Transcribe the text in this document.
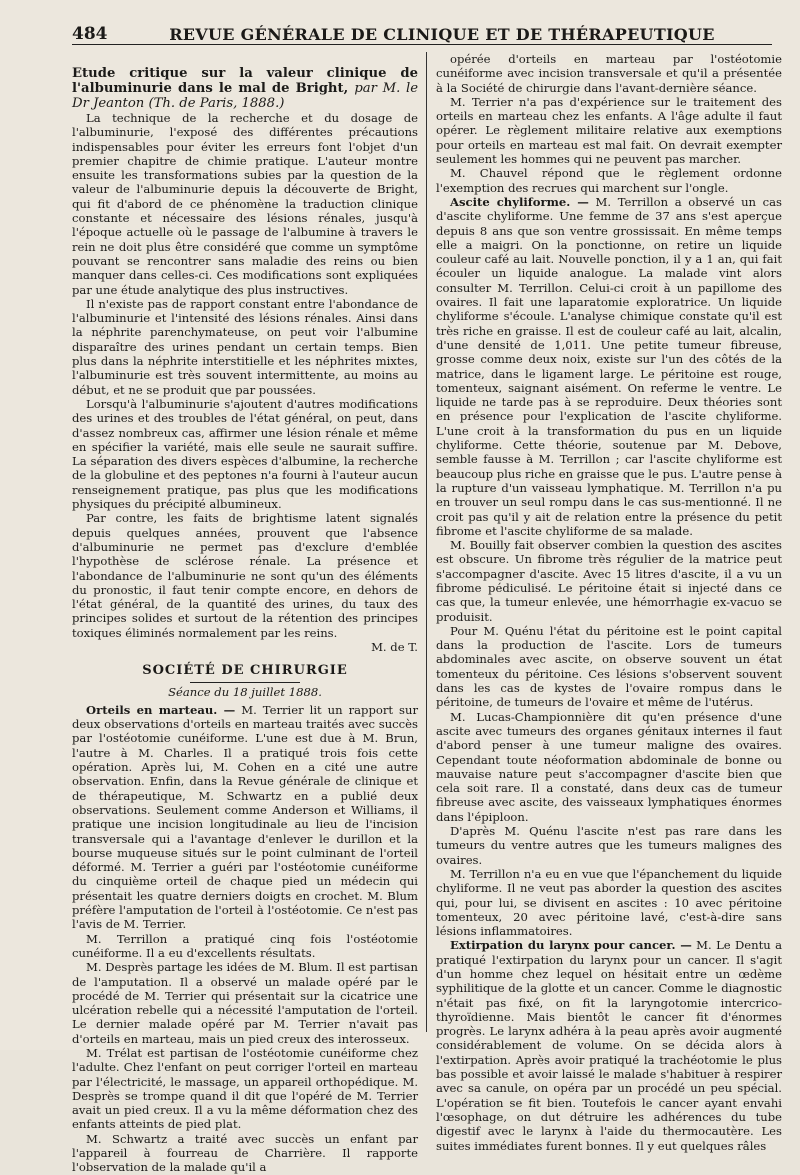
484	REVUE GÉNÉRALE DE CLINIQUE ET DE THÉRAPEUTIQUE

Etude critique sur la valeur clinique de l'albuminurie dans le mal de Bright, par M. le Dr Jeanton (Th. de Paris, 1888.)

La technique de la recherche et du dosage de l'albuminurie, l'exposé des différentes précautions indispensables pour éviter les erreurs font l'objet d'un premier chapitre de chimie pratique. L'auteur montre ensuite les transformations subies par la question de la valeur de l'albuminurie depuis la découverte de Bright, qui fit d'abord de ce phénomène la traduction clinique constante et nécessaire des lésions rénales, jusqu'à l'époque actuelle où le passage de l'albumine à travers le rein ne doit plus être considéré que comme un symptôme pouvant se rencontrer sans maladie des reins ou bien manquer dans celles-ci. Ces modifications sont expliquées par une étude analytique des plus instructives.

Il n'existe pas de rapport constant entre l'abondance de l'albuminurie et l'intensité des lésions rénales. Ainsi dans la néphrite parenchymateuse, on peut voir l'albumine disparaître des urines pendant un certain temps. Bien plus dans la néphrite interstitielle et les néphrites mixtes, l'albuminurie est très souvent intermittente, au moins au début, et ne se produit que par poussées.

Lorsqu'à l'albuminurie s'ajoutent d'autres modifications des urines et des troubles de l'état général, on peut, dans d'assez nombreux cas, affirmer une lésion rénale et même en spécifier la variété, mais elle seule ne saurait suffire. La séparation des divers espèces d'albumine, la recherche de la globuline et des peptones n'a fourni à l'auteur aucun renseignement pratique, pas plus que les modifications physiques du précipité albumineux.

Par contre, les faits de brightisme latent signalés depuis quelques années, prouvent que l'absence d'albuminurie ne permet pas d'exclure d'emblée l'hypothèse de sclérose rénale. La présence et l'abondance de l'albuminurie ne sont qu'un des éléments du pronostic, il faut tenir compte encore, en dehors de l'état général, de la quantité des urines, du taux des principes solides et surtout de la rétention des principes toxiques éliminés normalement par les reins.

M. de T.

SOCIÉTÉ DE CHIRURGIE

Séance du 18 juillet 1888.

Orteils en marteau. — M. Terrier lit un rapport sur deux observations d'orteils en marteau traités avec succès par l'ostéotomie cunéiforme. L'une est due à M. Brun, l'autre à M. Charles. Il a pratiqué trois fois cette opération. Après lui, M. Cohen en a cité une autre observation. Enfin, dans la Revue générale de clinique et de thérapeutique, M. Schwartz en a publié deux observations. Seulement comme Anderson et Williams, il pratique une incision longitudinale au lieu de l'incision transversale qui a l'avantage d'enlever le durillon et la bourse muqueuse situés sur le point culminant de l'orteil déformé. M. Terrier a guéri par l'ostéotomie cunéiforme du cinquième orteil de chaque pied un médecin qui présentait les quatre derniers doigts en crochet. M. Blum préfère l'amputation de l'orteil à l'ostéotomie. Ce n'est pas l'avis de M. Terrier.

M. Terrillon a pratiqué cinq fois l'ostéotomie cunéiforme. Il a eu d'excellents résultats.

M. Desprès partage les idées de M. Blum. Il est partisan de l'amputation. Il a observé un malade opéré par le procédé de M. Terrier qui présentait sur la cicatrice une ulcération rebelle qui a nécessité l'amputation de l'orteil. Le dernier malade opéré par M. Terrier n'avait pas d'orteils en marteau, mais un pied creux des interosseux.

M. Trélat est partisan de l'ostéotomie cunéiforme chez l'adulte. Chez l'enfant on peut corriger l'orteil en marteau par l'électricité, le massage, un appareil orthopédique. M. Desprès se trompe quand il dit que l'opéré de M. Terrier avait un pied creux. Il a vu la même déformation chez des enfants atteints de pied plat.

M. Schwartz a traité avec succès un enfant par l'appareil à fourreau de Charrière. Il rapporte l'observation de la malade qu'il a

opérée d'orteils en marteau par l'ostéotomie cunéiforme avec incision transversale et qu'il a présentée à la Société de chirurgie dans l'avant-dernière séance.

M. Terrier n'a pas d'expérience sur le traitement des orteils en marteau chez les enfants. A l'âge adulte il faut opérer. Le règlement militaire relative aux exemptions pour orteils en marteau est mal fait. On devrait exempter seulement les hommes qui ne peuvent pas marcher.

M. Chauvel répond que le règlement ordonne l'exemption des recrues qui marchent sur l'ongle.

Ascite chyliforme. — M. Terrillon a observé un cas d'ascite chyliforme. Une femme de 37 ans s'est aperçue depuis 8 ans que son ventre grossissait. En même temps elle a maigri. On la ponctionne, on retire un liquide couleur café au lait. Nouvelle ponction, il y a 1 an, qui fait écouler un liquide analogue. La malade vint alors consulter M. Terrillon. Celui-ci croit à un papillome des ovaires. Il fait une laparatomie exploratrice. Un liquide chyliforme s'écoule. L'analyse chimique constate qu'il est très riche en graisse. Il est de couleur café au lait, alcalin, d'une densité de 1,011. Une petite tumeur fibreuse, grosse comme deux noix, existe sur l'un des côtés de la matrice, dans le ligament large. Le péritoine est rouge, tomenteux, saignant aisément. On referme le ventre. Le liquide ne tarde pas à se reproduire. Deux théories sont en présence pour l'explication de l'ascite chyliforme. L'une croit à la transformation du pus en un liquide chyliforme. Cette théorie, soutenue par M. Debove, semble fausse à M. Terrillon ; car l'ascite chyliforme est beaucoup plus riche en graisse que le pus. L'autre pense à la rupture d'un vaisseau lymphatique. M. Terrillon n'a pu en trouver un seul rompu dans le cas sus-mentionné. Il ne croit pas qu'il y ait de relation entre la présence du petit fibrome et l'ascite chyliforme de sa malade.

M. Bouilly fait observer combien la question des ascites est obscure. Un fibrome très régulier de la matrice peut s'accompagner d'ascite. Avec 15 litres d'ascite, il a vu un fibrome pédiculisé. Le péritoine était si injecté dans ce cas que, la tumeur enlevée, une hémorrhagie ex-vacuo se produisit.

Pour M. Quénu l'état du péritoine est le point capital dans la production de l'ascite. Lors de tumeurs abdominales avec ascite, on observe souvent un état tomenteux du péritoine. Ces lésions s'observent souvent dans les cas de kystes de l'ovaire rompus dans le péritoine, de tumeurs de l'ovaire et même de l'utérus.

M. Lucas-Championnière dit qu'en présence d'une ascite avec tumeurs des organes génitaux internes il faut d'abord penser à une tumeur maligne des ovaires. Cependant toute néoformation abdominale de bonne ou mauvaise nature peut s'accompagner d'ascite bien que cela soit rare. Il a constaté, dans deux cas de tumeur fibreuse avec ascite, des vaisseaux lymphatiques énormes dans l'épiploon.

D'après M. Quénu l'ascite n'est pas rare dans les tumeurs du ventre autres que les tumeurs malignes des ovaires.

M. Terrillon n'a eu en vue que l'épanchement du liquide chyliforme. Il ne veut pas aborder la question des ascites qui, pour lui, se divisent en ascites : 10 avec péritoine tomenteux, 20 avec péritoine lavé, c'est-à-dire sans lésions inflammatoires.

Extirpation du larynx pour cancer. — M. Le Dentu a pratiqué l'extirpation du larynx pour un cancer. Il s'agit d'un homme chez lequel on hésitait entre un œdème syphilitique de la glotte et un cancer. Comme le diagnostic n'était pas fixé, on fit la laryngotomie intercrico-thyroïdienne. Mais bientôt le cancer fit d'énormes progrès. Le larynx adhéra à la peau après avoir augmenté considérablement de volume. On se décida alors à l'extirpation. Après avoir pratiqué la trachéotomie le plus bas possible et avoir laissé le malade s'habituer à respirer avec sa canule, on opéra par un procédé un peu spécial. L'opération se fit bien. Toutefois le cancer ayant envahi l'œsophage, on dut détruire les adhérences du tube digestif avec le larynx à l'aide du thermocautère. Les suites immédiates furent bonnes. Il y eut quelques râles
